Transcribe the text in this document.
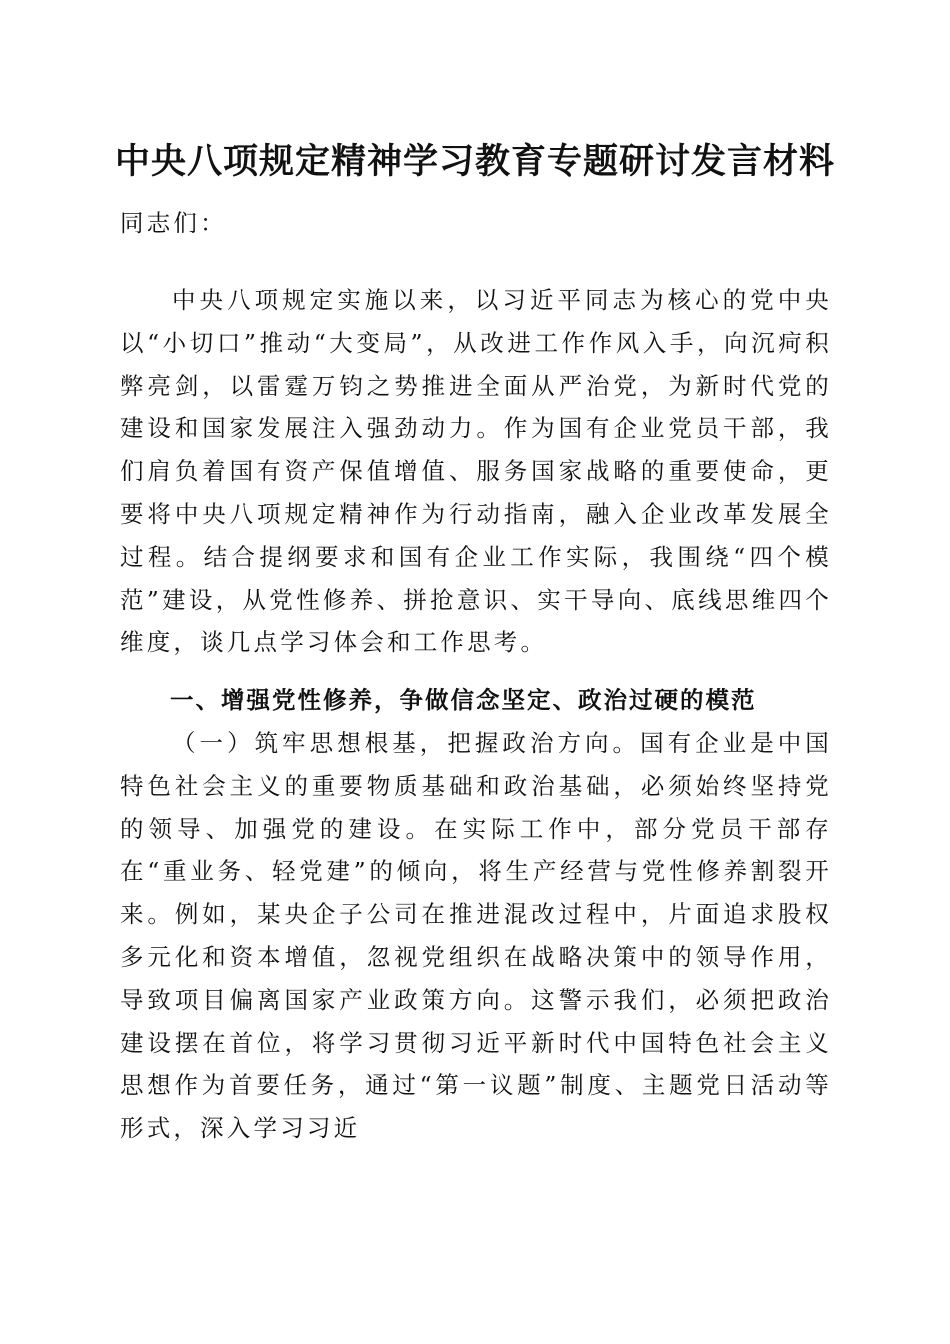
中央八项规定精神学习教育专题研讨发言材料

同志们：

中央八项规定实施以来，以习近平同志为核心的党中央以“小切口”推动“大变局”，从改进工作作风入手，向沉疴积弊亮剑，以雷霆万钧之势推进全面从严治党，为新时代党的建设和国家发展注入强劲动力。作为国有企业党员干部，我们肩负着国有资产保值增值、服务国家战略的重要使命，更要将中央八项规定精神作为行动指南，融入企业改革发展全过程。结合提纲要求和国有企业工作实际，我围绕“四个模范”建设，从党性修养、拼抢意识、实干导向、底线思维四个维度，谈几点学习体会和工作思考。

一、增强党性修养，争做信念坚定、政治过硬的模范

（一）筑牢思想根基，把握政治方向。国有企业是中国特色社会主义的重要物质基础和政治基础，必须始终坚持党的领导、加强党的建设。在实际工作中，部分党员干部存在“重业务、轻党建”的倾向，将生产经营与党性修养割裂开来。例如，某央企子公司在推进混改过程中，片面追求股权多元化和资本增值，忽视党组织在战略决策中的领导作用，导致项目偏离国家产业政策方向。这警示我们，必须把政治建设摆在首位，将学习贯彻习近平新时代中国特色社会主义思想作为首要任务，通过“第一议题”制度、主题党日活动等形式，深入学习习近
